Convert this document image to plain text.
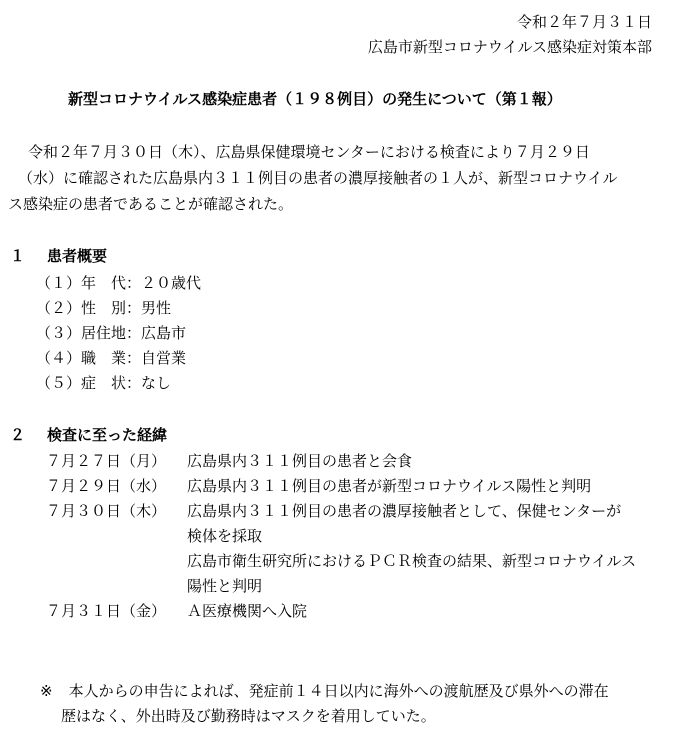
令和２年７月３１日
広島市新型コロナウイルス感染症対策本部
新型コロナウイルス感染症患者（１９８例目）の発生について（第１報）
令和２年７月３０日（木）、広島県保健環境センターにおける検査により７月２９日
（水）に確認された広島県内３１１例目の患者の濃厚接触者の１人が、新型コロナウイル
ス感染症の患者であることが確認された。
１ 患者概要
（１）年　代：２０歳代
（２）性　別：男性
（３）居住地：広島市
（４）職　業：自営業
（５）症　状：なし
２ 検査に至った経緯
７月２７日（月） 広島県内３１１例目の患者と会食
７月２９日（水） 広島県内３１１例目の患者が新型コロナウイルス陽性と判明
７月３０日（木） 広島県内３１１例目の患者の濃厚接触者として、保健センターが
検体を採取
広島市衛生研究所におけるＰＣＲ検査の結果、新型コロナウイルス
陽性と判明
７月３１日（金） Ａ医療機関へ入院
※ 本人からの申告によれば、発症前１４日以内に海外への渡航歴及び県外への滞在
歴はなく、外出時及び勤務時はマスクを着用していた。
